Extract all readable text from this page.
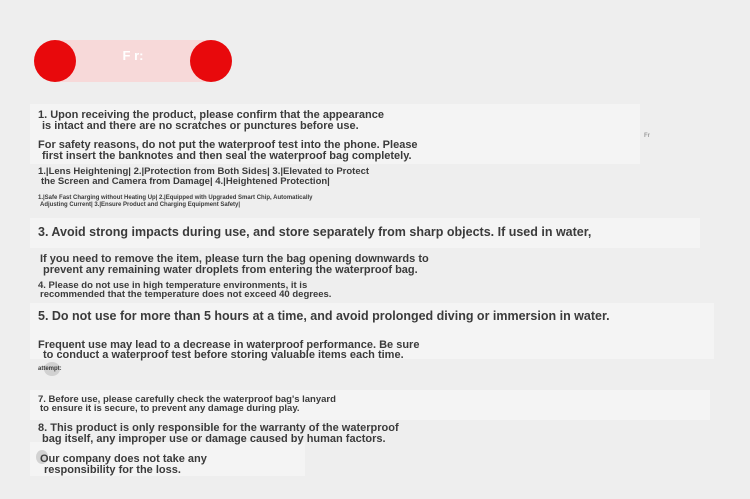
F r:
Fr
1. Upon receiving the product, please confirm that the appearance
is intact and there are no scratches or punctures before use.
For safety reasons, do not put the waterproof test into the phone. Please
first insert the banknotes and then seal the waterproof bag completely.
1.|Lens Heightening| 2.|Protection from Both Sides| 3.|Elevated to Protect
the Screen and Camera from Damage| 4.|Heightened Protection|
1.|Safe Fast Charging without Heating Up| 2.|Equipped with Upgraded Smart Chip, Automatically
Adjusting Current| 3.|Ensure Product and Charging Equipment Safety|
3. Avoid strong impacts during use, and store separately from sharp objects. If used in water,
If you need to remove the item, please turn the bag opening downwards to
prevent any remaining water droplets from entering the waterproof bag.
4. Please do not use in high temperature environments, it is
recommended that the temperature does not exceed 40 degrees.
5. Do not use for more than 5 hours at a time, and avoid prolonged diving or immersion in water.
Frequent use may lead to a decrease in waterproof performance. Be sure
to conduct a waterproof test before storing valuable items each time.
attempt:
7. Before use, please carefully check the waterproof bag's lanyard
to ensure it is secure, to prevent any damage during play.
8. This product is only responsible for the warranty of the waterproof
bag itself, any improper use or damage caused by human factors.
Our company does not take any
responsibility for the loss.
